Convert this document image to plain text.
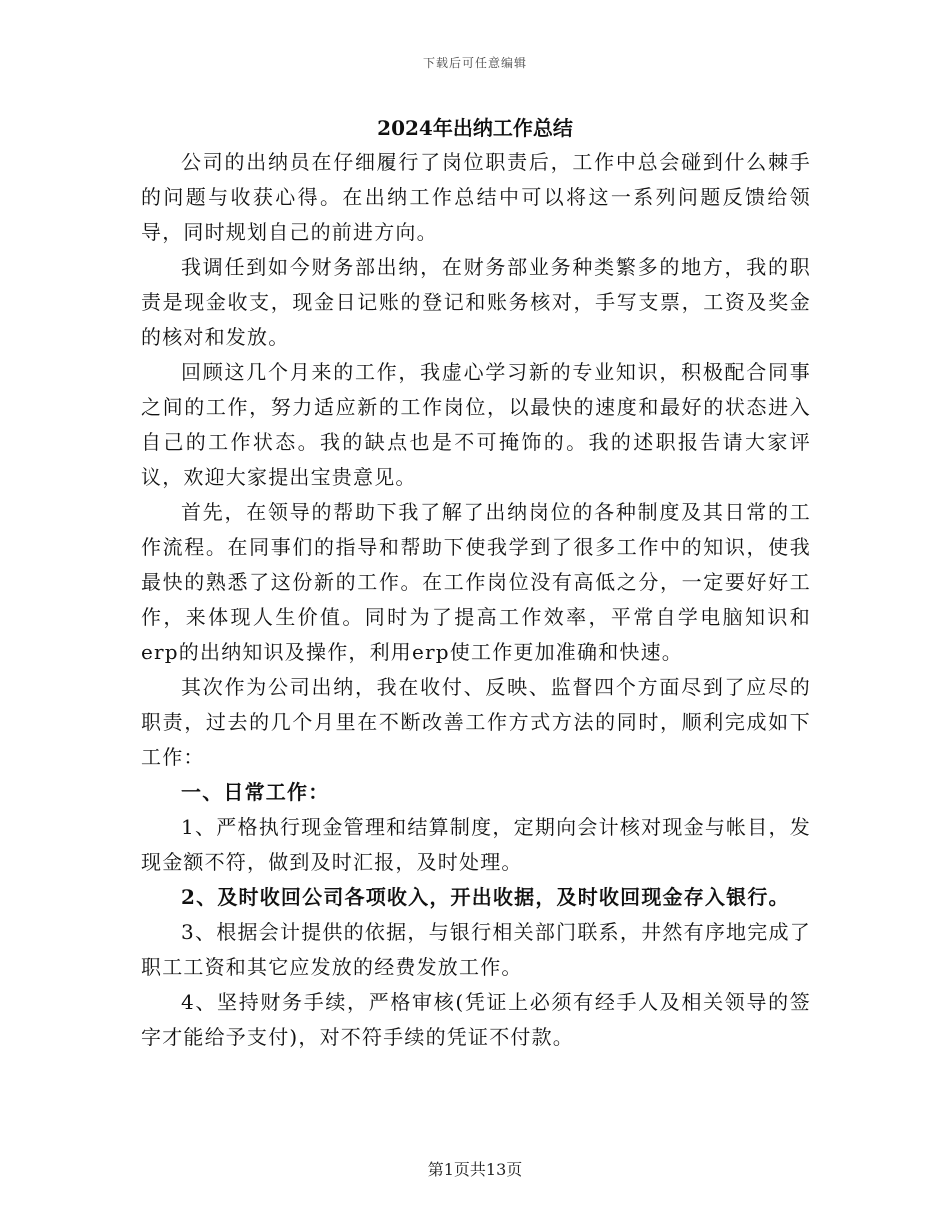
下载后可任意编辑
2024年出纳工作总结

公司的出纳员在仔细履行了岗位职责后，工作中总会碰到什么棘手的问题与收获心得。在出纳工作总结中可以将这一系列问题反馈给领导，同时规划自己的前进方向。

我调任到如今财务部出纳，在财务部业务种类繁多的地方，我的职责是现金收支，现金日记账的登记和账务核对，手写支票，工资及奖金的核对和发放。

回顾这几个月来的工作，我虚心学习新的专业知识，积极配合同事之间的工作，努力适应新的工作岗位，以最快的速度和最好的状态进入自己的工作状态。我的缺点也是不可掩饰的。我的述职报告请大家评议，欢迎大家提出宝贵意见。

首先，在领导的帮助下我了解了出纳岗位的各种制度及其日常的工作流程。在同事们的指导和帮助下使我学到了很多工作中的知识，使我最快的熟悉了这份新的工作。在工作岗位没有高低之分，一定要好好工作，来体现人生价值。同时为了提高工作效率，平常自学电脑知识和erp的出纳知识及操作，利用erp使工作更加准确和快速。

其次作为公司出纳，我在收付、反映、监督四个方面尽到了应尽的职责，过去的几个月里在不断改善工作方式方法的同时，顺利完成如下工作：

一、日常工作：

1、严格执行现金管理和结算制度，定期向会计核对现金与帐目，发现金额不符，做到及时汇报，及时处理。

2、及时收回公司各项收入，开出收据，及时收回现金存入银行。

3、根据会计提供的依据，与银行相关部门联系，井然有序地完成了职工工资和其它应发放的经费发放工作。

4、坚持财务手续，严格审核(凭证上必须有经手人及相关领导的签字才能给予支付)，对不符手续的凭证不付款。

第1页共13页
